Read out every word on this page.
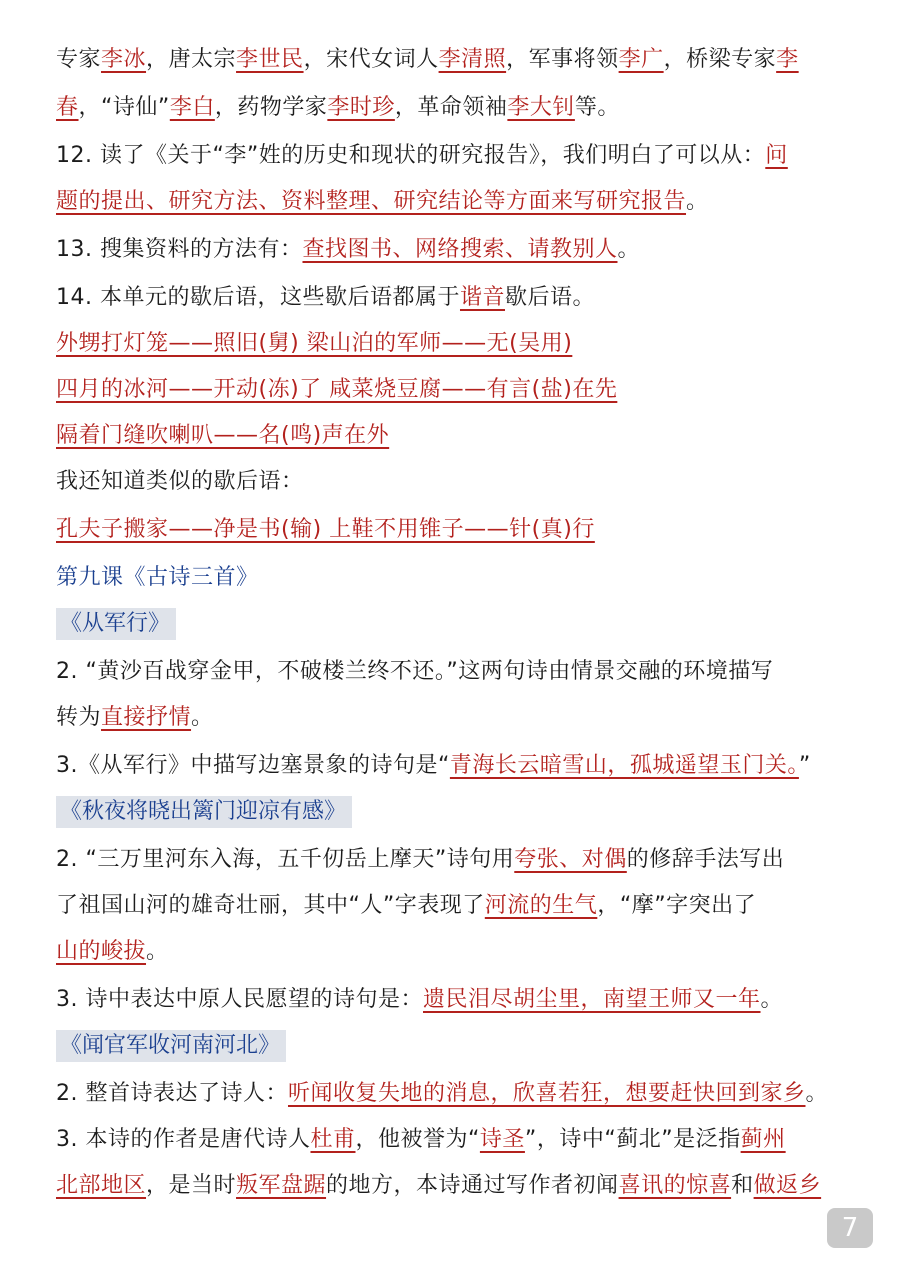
专家李冰，唐太宗李世民，宋代女词人李清照，军事将领李广，桥梁专家李
春，“诗仙”李白，药物学家李时珍，革命领袖李大钊等。
12. 读了《关于“李”姓的历史和现状的研究报告》，我们明白了可以从：问
题的提出、研究方法、资料整理、研究结论等方面来写研究报告。
13. 搜集资料的方法有：查找图书、网络搜索、请教别人。
14. 本单元的歇后语，这些歇后语都属于谐音歇后语。
外甥打灯笼——照旧(舅) 梁山泊的军师——无(吴用)
四月的冰河——开动(冻)了 咸菜烧豆腐——有言(盐)在先
隔着门缝吹喇叭——名(鸣)声在外
我还知道类似的歇后语：
孔夫子搬家——净是书(输) 上鞋不用锥子——针(真)行
第九课《古诗三首》
《从军行》
2. “黄沙百战穿金甲，不破楼兰终不还。”这两句诗由情景交融的环境描写
转为直接抒情。
3.《从军行》中描写边塞景象的诗句是“青海长云暗雪山，孤城遥望玉门关。”
《秋夜将晓出篱门迎凉有感》
2. “三万里河东入海，五千仞岳上摩天”诗句用夸张、对偶的修辞手法写出
了祖国山河的雄奇壮丽，其中“人”字表现了河流的生气，“摩”字突出了
山的峻拔。
3. 诗中表达中原人民愿望的诗句是：遗民泪尽胡尘里，南望王师又一年。
《闻官军收河南河北》
2. 整首诗表达了诗人：听闻收复失地的消息，欣喜若狂，想要赶快回到家乡。
3. 本诗的作者是唐代诗人杜甫，他被誉为“诗圣”，诗中“蓟北”是泛指蓟州
北部地区，是当时叛军盘踞的地方，本诗通过写作者初闻喜讯的惊喜和做返乡
7
